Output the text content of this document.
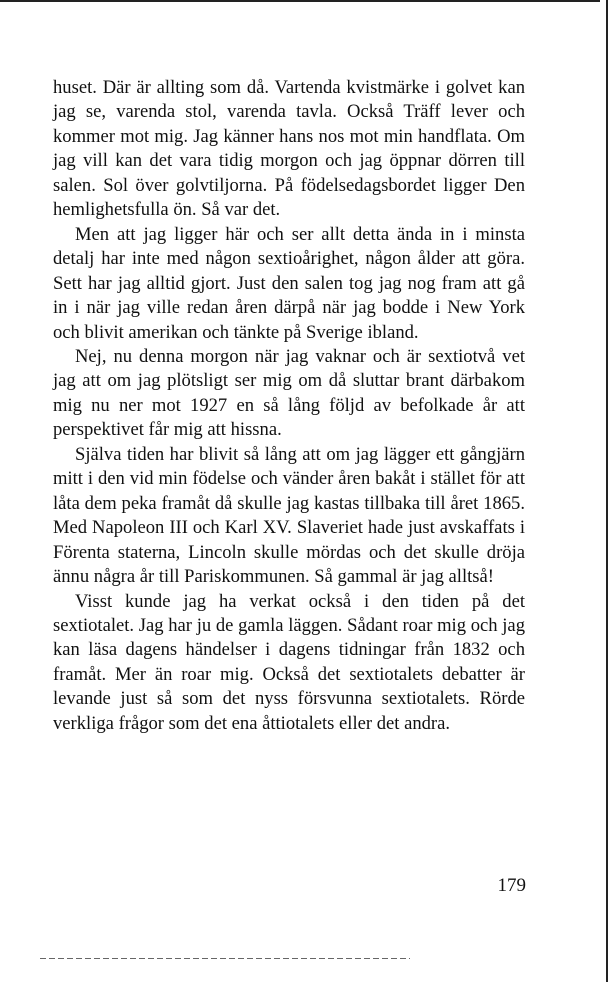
huset. Där är allting som då. Vartenda kvistmärke i golvet kan jag se, varenda stol, varenda tavla. Också Träff lever och kommer mot mig. Jag känner hans nos mot min handflata. Om jag vill kan det vara tidig morgon och jag öppnar dörren till salen. Sol över golvtiljorna. På födelsedagsbordet ligger Den hemlighetsfulla ön. Så var det.

Men att jag ligger här och ser allt detta ända in i minsta detalj har inte med någon sextioårighet, någon ålder att göra. Sett har jag alltid gjort. Just den salen tog jag nog fram att gå in i när jag ville redan åren därpå när jag bodde i New York och blivit amerikan och tänkte på Sverige ibland.

Nej, nu denna morgon när jag vaknar och är sextiotvå vet jag att om jag plötsligt ser mig om då sluttar brant därbakom mig nu ner mot 1927 en så lång följd av befolkade år att perspektivet får mig att hissna.

Själva tiden har blivit så lång att om jag lägger ett gångjärn mitt i den vid min födelse och vänder åren bakåt i stället för att låta dem peka framåt då skulle jag kastas tillbaka till året 1865. Med Napoleon III och Karl XV. Slaveriet hade just avskaffats i Förenta staterna, Lincoln skulle mördas och det skulle dröja ännu några år till Pariskommunen. Så gammal är jag alltså!

Visst kunde jag ha verkat också i den tiden på det sextiotalet. Jag har ju de gamla läggen. Sådant roar mig och jag kan läsa dagens händelser i dagens tidningar från 1832 och framåt. Mer än roar mig. Också det sextiotalets debatter är levande just så som det nyss försvunna sextiotalets. Rörde verkliga frågor som det ena åttiotalets eller det andra.

179
